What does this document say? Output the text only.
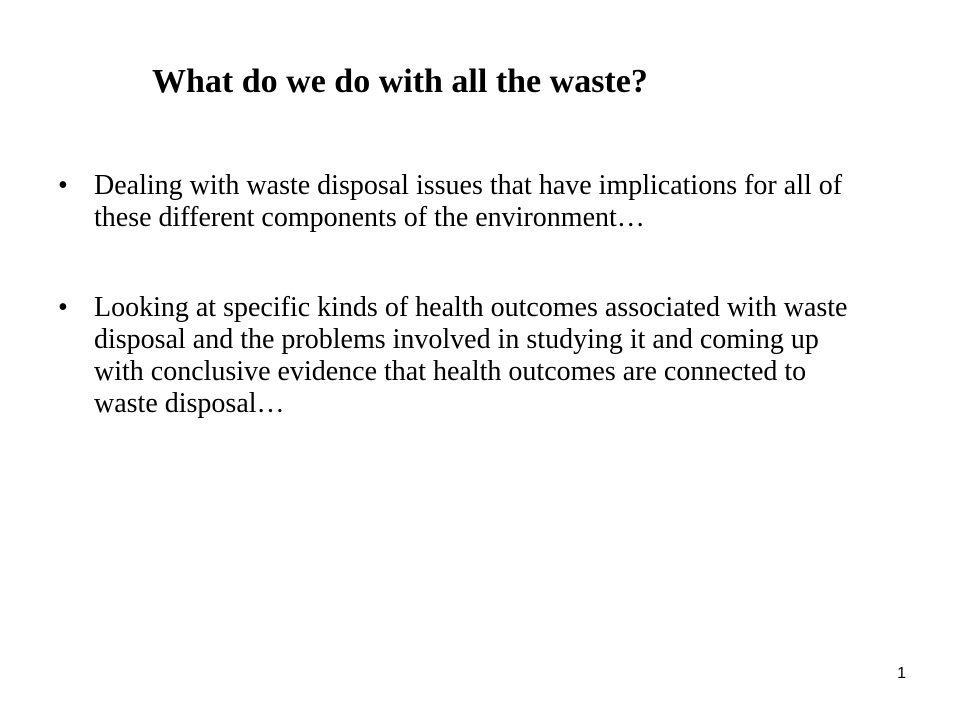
What do we do with all the waste?
• Dealing with waste disposal issues that have implications for all of these different components of the environment…
• Looking at specific kinds of health outcomes associated with waste disposal and the problems involved in studying it and coming up with conclusive evidence that health outcomes are connected to waste disposal…
1
